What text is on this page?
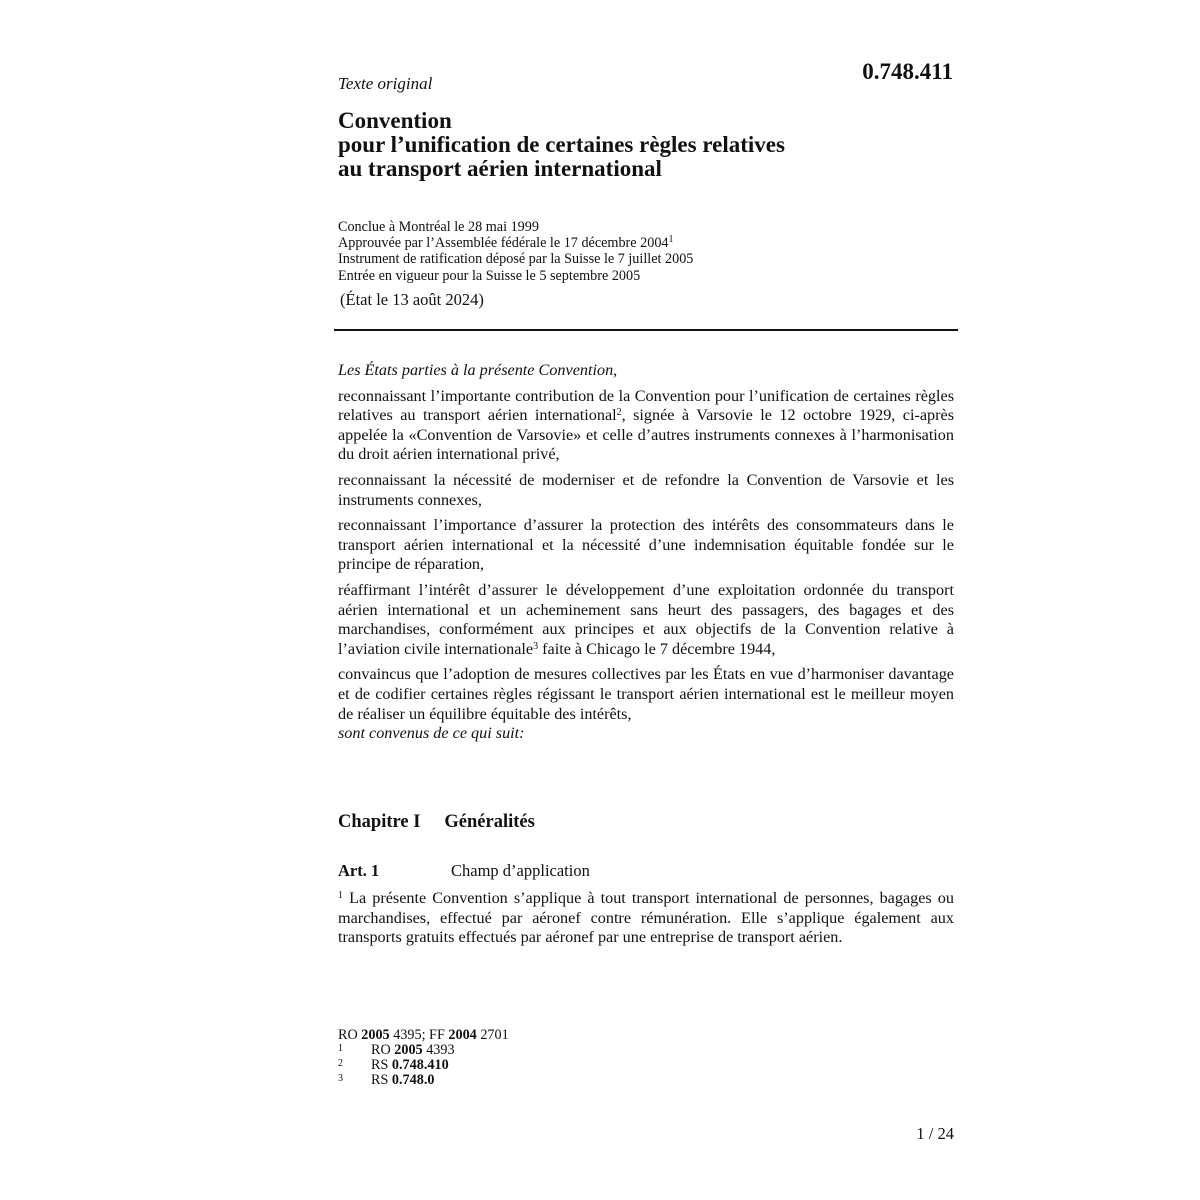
Texte original	0.748.411
Convention
pour l’unification de certaines règles relatives
au transport aérien international
Conclue à Montréal le 28 mai 1999
Approuvée par l’Assemblée fédérale le 17 décembre 2004$^1$
Instrument de ratification déposé par la Suisse le 7 juillet 2005
Entrée en vigueur pour la Suisse le 5 septembre 2005
(État le 13 août 2024)

Les États parties à la présente Convention,

reconnaissant l’importante contribution de la Convention pour l’unification de certaines règles relatives au transport aérien international$^2$, signée à Varsovie le 12 octobre 1929, ci-après appelée la «Convention de Varsovie» et celle d’autres instruments connexes à l’harmonisation du droit aérien international privé,

reconnaissant la nécessité de moderniser et de refondre la Convention de Varsovie et les instruments connexes,

reconnaissant l’importance d’assurer la protection des intérêts des consommateurs dans le transport aérien international et la nécessité d’une indemnisation équitable fondée sur le principe de réparation,

réaffirmant l’intérêt d’assurer le développement d’une exploitation ordonnée du transport aérien international et un acheminement sans heurt des passagers, des bagages et des marchandises, conformément aux principes et aux objectifs de la Convention relative à l’aviation civile internationale$^3$ faite à Chicago le 7 décembre 1944,

convaincus que l’adoption de mesures collectives par les États en vue d’harmoniser davantage et de codifier certaines règles régissant le transport aérien international est le meilleur moyen de réaliser un équilibre équitable des intérêts,

sont convenus de ce qui suit:

Chapitre I Généralités
Art. 1	Champ d’application

$^1$ La présente Convention s’applique à tout transport international de personnes, bagages ou marchandises, effectué par aéronef contre rémunération. Elle s’applique également aux transports gratuits effectués par aéronef par une entreprise de transport aérien.

RO 2005 4395; FF 2004 2701
1	RO 2005 4393
2	RS 0.748.410
3	RS 0.748.0
1 / 24
